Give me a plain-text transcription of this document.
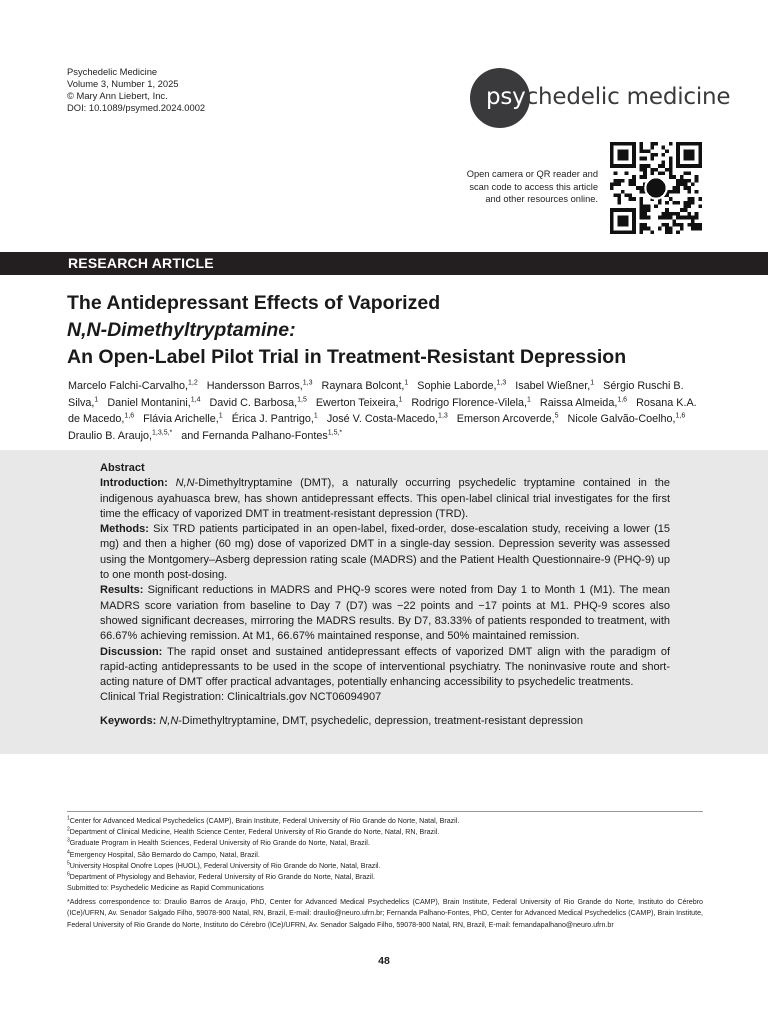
Psychedelic Medicine
Volume 3, Number 1, 2025
© Mary Ann Liebert, Inc.
DOI: 10.1089/psymed.2024.0002	psychedelic medicine
Open camera or QR reader and
scan code to access this article
and other resources online.
RESEARCH ARTICLE
The Antidepressant Effects of Vaporized
N,N-Dimethyltryptamine:
An Open-Label Pilot Trial in Treatment-Resistant Depression
Marcelo Falchi-Carvalho,$^{1,2}$ Handersson Barros,$^{1,3}$ Raynara Bolcont,$^1$ Sophie Laborde,$^{1,3}$ Isabel Wießner,$^1$ Sérgio Ruschi B. Silva,$^1$ Daniel Montanini,$^{1,4}$ David C. Barbosa,$^{1,5}$ Ewerton Teixeira,$^1$ Rodrigo Florence-Vilela,$^1$ Raissa Almeida,$^{1,6}$ Rosana K.A. de Macedo,$^{1,6}$ Flávia Arichelle,$^1$ Érica J. Pantrigo,$^1$ José V. Costa-Macedo,$^{1,3}$ Emerson Arcoverde,$^5$ Nicole Galvão-Coelho,$^{1,6}$   Draulio B. Araujo,$^{1,3,5,*}$ and Fernanda Palhano-Fontes$^{1,5,*}$

Abstract

Introduction: N,N-Dimethyltryptamine (DMT), a naturally occurring psychedelic tryptamine contained in the indigenous ayahuasca brew, has shown antidepressant effects. This open-label clinical trial investigates for the first time the efficacy of vaporized DMT in treatment-resistant depression (TRD).

Methods: Six TRD patients participated in an open-label, fixed-order, dose-escalation study, receiving a lower (15 mg) and then a higher (60 mg) dose of vaporized DMT in a single-day session. Depression severity was assessed using the Montgomery–Asberg depression rating scale (MADRS) and the Patient Health Questionnaire-9 (PHQ-9) up to one month post-dosing.

Results: Significant reductions in MADRS and PHQ-9 scores were noted from Day 1 to Month 1 (M1). The mean MADRS score variation from baseline to Day 7 (D7) was −22 points and −17 points at M1. PHQ-9 scores also showed significant decreases, mirroring the MADRS results. By D7, 83.33% of patients responded to treatment, with 66.67% achieving remission. At M1, 66.67% maintained response, and 50% maintained remission.

Discussion: The rapid onset and sustained antidepressant effects of vaporized DMT align with the paradigm of rapid-acting antidepressants to be used in the scope of interventional psychiatry. The noninvasive route and short-acting nature of DMT offer practical advantages, potentially enhancing accessibility to psychedelic treatments.

Clinical Trial Registration: Clinicaltrials.gov NCT06094907

Keywords: N,N-Dimethyltryptamine, DMT, psychedelic, depression, treatment-resistant depression
$^1$Center for Advanced Medical Psychedelics (CAMP), Brain Institute, Federal University of Rio Grande do Norte, Natal, Brazil.
$^2$Department of Clinical Medicine, Health Science Center, Federal University of Rio Grande do Norte, Natal, RN, Brazil.
$^3$Graduate Program in Health Sciences, Federal University of Rio Grande do Norte, Natal, Brazil.
$^4$Emergency Hospital, São Bernardo do Campo, Natal, Brazil.
$^5$University Hospital Onofre Lopes (HUOL), Federal University of Rio Grande do Norte, Natal, Brazil.
$^6$Department of Physiology and Behavior, Federal University of Rio Grande do Norte, Natal, Brazil.
Submitted to: Psychedelic Medicine as Rapid Communications
*Address correspondence to: Draulio Barros de Araujo, PhD, Center for Advanced Medical Psychedelics (CAMP), Brain Institute, Federal University of Rio Grande do Norte, Instituto do Cérebro (ICe)/UFRN, Av. Senador Salgado Filho, 59078-900 Natal, RN, Brazil, E-mail: draulio@neuro.ufrn.br; Fernanda Palhano-Fontes, PhD, Center for Advanced Medical Psychedelics (CAMP), Brain Institute, Federal University of Rio Grande do Norte, Instituto do Cérebro (ICe)/UFRN, Av. Senador Salgado Filho, 59078-900 Natal, RN, Brazil, E-mail: fernandapalhano@neuro.ufrn.br
48
